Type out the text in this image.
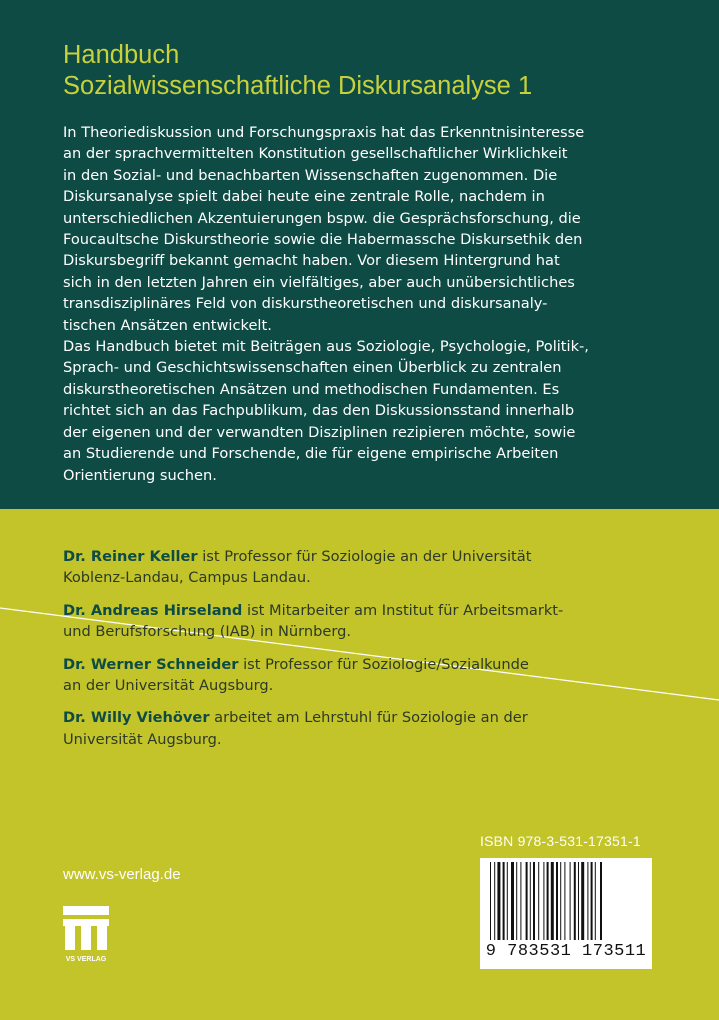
Handbuch
Sozialwissenschaftliche Diskursanalyse 1
In Theoriediskussion und Forschungspraxis hat das Erkenntnisinteresse
an der sprachvermittelten Konstitution gesellschaftlicher Wirklichkeit
in den Sozial- und benachbarten Wissenschaften zugenommen. Die
Diskursanalyse spielt dabei heute eine zentrale Rolle, nachdem in
unterschiedlichen Akzentuierungen bspw. die Gesprächsforschung, die
Foucaultsche Diskurstheorie sowie die Habermassche Diskursethik den
Diskursbegriff bekannt gemacht haben. Vor diesem Hintergrund hat
sich in den letzten Jahren ein vielfältiges, aber auch unübersichtliches
transdisziplinäres Feld von diskurstheoretischen und diskursanaly-
tischen Ansätzen entwickelt.
Das Handbuch bietet mit Beiträgen aus Soziologie, Psychologie, Politik-,
Sprach- und Geschichtswissenschaften einen Überblick zu zentralen
diskurstheoretischen Ansätzen und methodischen Fundamenten. Es
richtet sich an das Fachpublikum, das den Diskussionsstand innerhalb
der eigenen und der verwandten Disziplinen rezipieren möchte, sowie
an Studierende und Forschende, die für eigene empirische Arbeiten
Orientierung suchen.
Dr. Reiner Keller ist Professor für Soziologie an der Universität
Koblenz-Landau, Campus Landau.
Dr. Andreas Hirseland ist Mitarbeiter am Institut für Arbeitsmarkt-
und Berufsforschung (IAB) in Nürnberg.
Dr. Werner Schneider ist Professor für Soziologie/Sozialkunde
an der Universität Augsburg.
Dr. Willy Viehöver arbeitet am Lehrstuhl für Soziologie an der
Universität Augsburg.
www.vs-verlag.de
VS VERLAG
ISBN 978-3-531-17351-1
9 783531 173511
